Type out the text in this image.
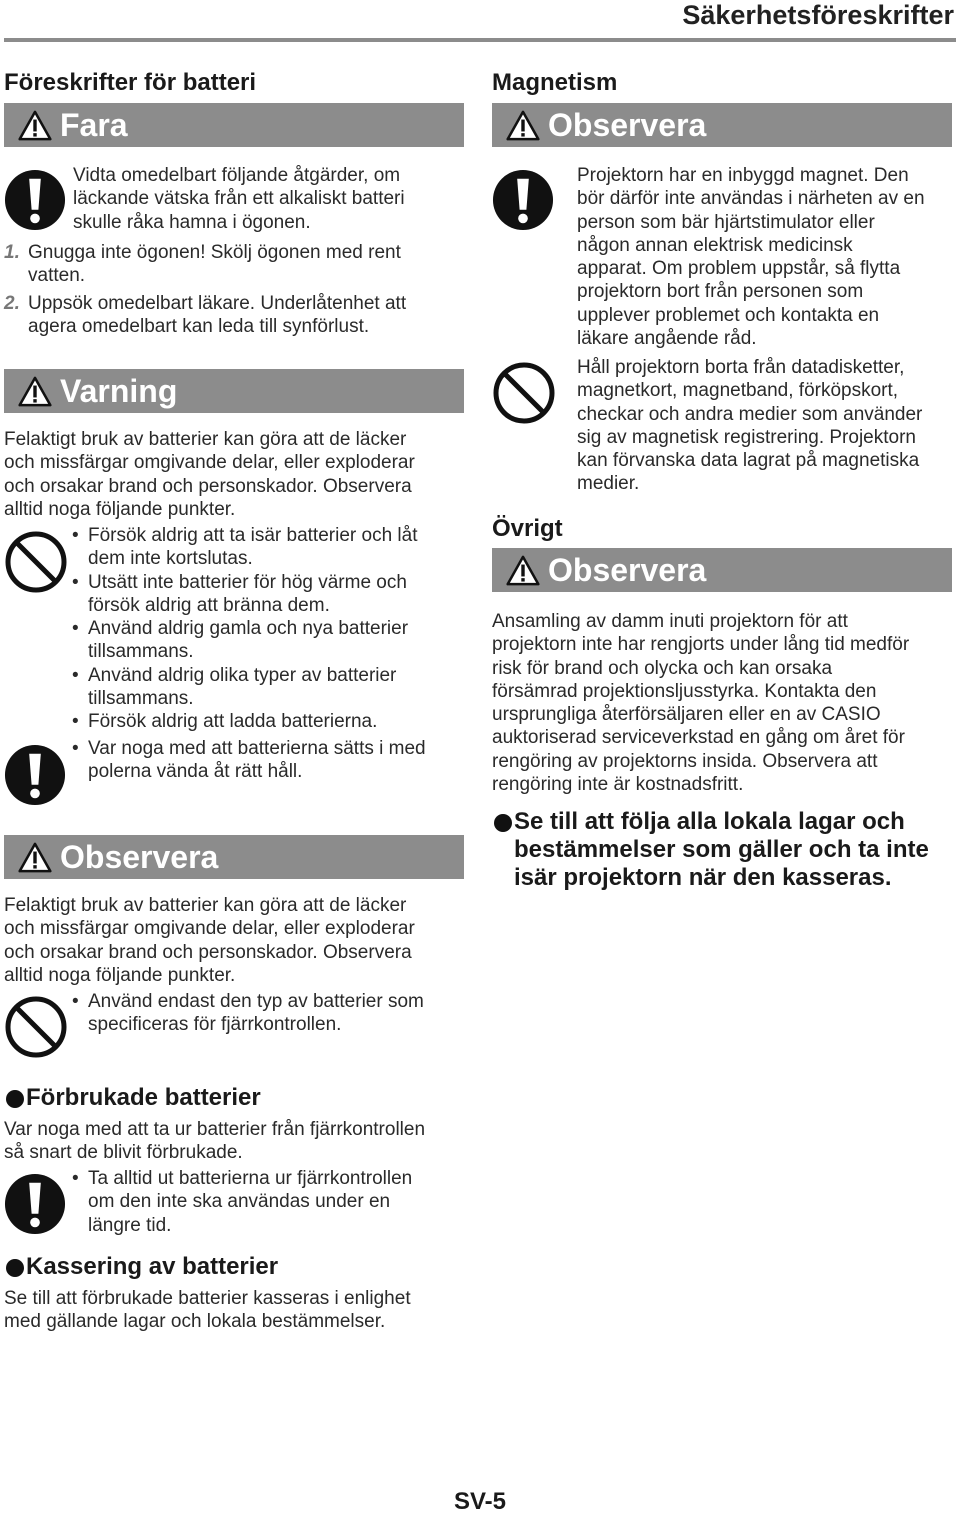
Säkerhetsföreskrifter
Föreskrifter för batteri
Fara

Vidta omedelbart följande åtgärder, om

läckande vätska från ett alkaliskt batteri

skulle råka hamna i ögonen.

1. Gnugga inte ögonen! Skölj ögonen med rent

vatten.

2. Uppsök omedelbart läkare. Underlåtenhet att

agera omedelbart kan leda till synförlust.

Varning

Felaktigt bruk av batterier kan göra att de läcker

och missfärgar omgivande delar, eller exploderar

och orsakar brand och personskador. Observera

alltid noga följande punkter.

• Försök aldrig att ta isär batterier och låt

dem inte kortslutas.

• Utsätt inte batterier för hög värme och

försök aldrig att bränna dem.

• Använd aldrig gamla och nya batterier

tillsammans.

• Använd aldrig olika typer av batterier

tillsammans.

• Försök aldrig att ladda batterierna.

• Var noga med att batterierna sätts i med

polerna vända åt rätt håll.

Observera

Felaktigt bruk av batterier kan göra att de läcker

och missfärgar omgivande delar, eller exploderar

och orsakar brand och personskador. Observera

alltid noga följande punkter.

• Använd endast den typ av batterier som

specificeras för fjärrkontrollen.

Förbrukade batterier

Var noga med att ta ur batterier från fjärrkontrollen

så snart de blivit förbrukade.

• Ta alltid ut batterierna ur fjärrkontrollen

om den inte ska användas under en

längre tid.

Kassering av batterier

Se till att förbrukade batterier kasseras i enlighet

med gällande lagar och lokala bestämmelser.

Magnetism
Observera

Projektorn har en inbyggd magnet. Den

bör därför inte användas i närheten av en

person som bär hjärtstimulator eller

någon annan elektrisk medicinsk

apparat. Om problem uppstår, så flytta

projektorn bort från personen som

upplever problemet och kontakta en

läkare angående råd.

Håll projektorn borta från datadisketter,

magnetkort, magnetband, förköpskort,

checkar och andra medier som använder

sig av magnetisk registrering. Projektorn

kan förvanska data lagrat på magnetiska

medier.

Övrigt
Observera

Ansamling av damm inuti projektorn för att

projektorn inte har rengjorts under lång tid medför

risk för brand och olycka och kan orsaka

försämrad projektionsljusstyrka. Kontakta den

ursprungliga återförsäljaren eller en av CASIO

auktoriserad serviceverkstad en gång om året för

rengöring av projektorns insida. Observera att

rengöring inte är kostnadsfritt.

Se till att följa alla lokala lagar och
bestämmelser som gäller och ta inte
isär projektorn när den kasseras.
SV-5
